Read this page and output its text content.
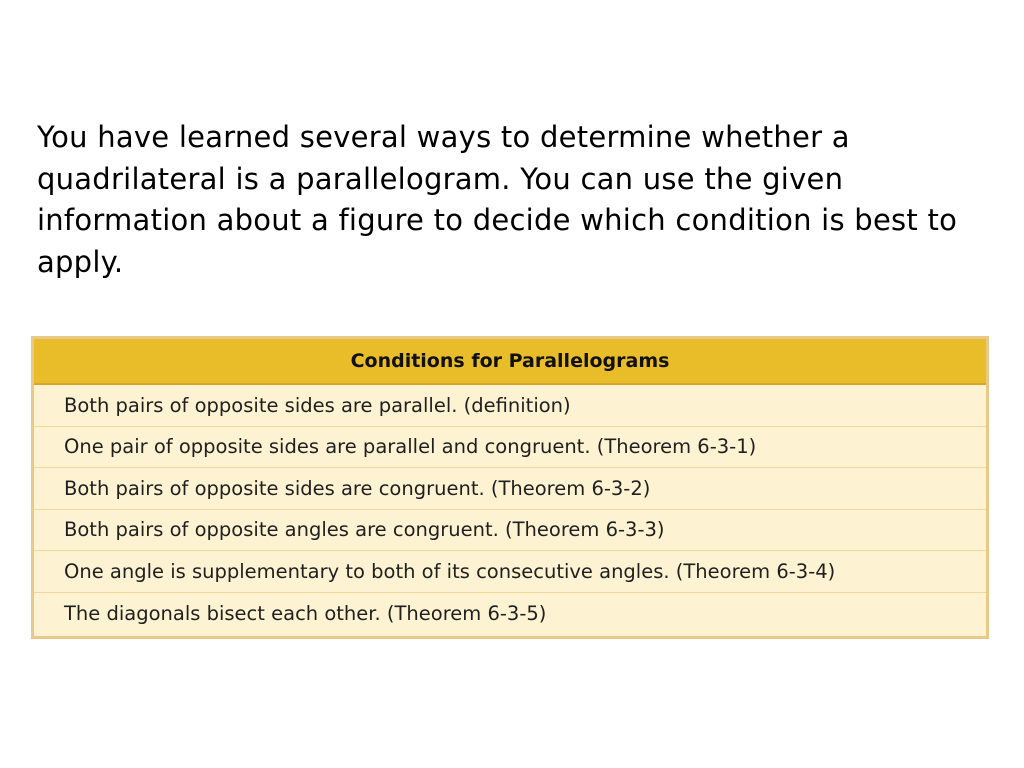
You have learned several ways to determine whether a quadrilateral is a parallelogram. You can use the given information about a figure to decide which condition is best to apply.

Conditions for Parallelograms
Both pairs of opposite sides are parallel. (definition)
One pair of opposite sides are parallel and congruent. (Theorem 6-3-1)
Both pairs of opposite sides are congruent. (Theorem 6-3-2)
Both pairs of opposite angles are congruent. (Theorem 6-3-3)
One angle is supplementary to both of its consecutive angles. (Theorem 6-3-4)
The diagonals bisect each other. (Theorem 6-3-5)
